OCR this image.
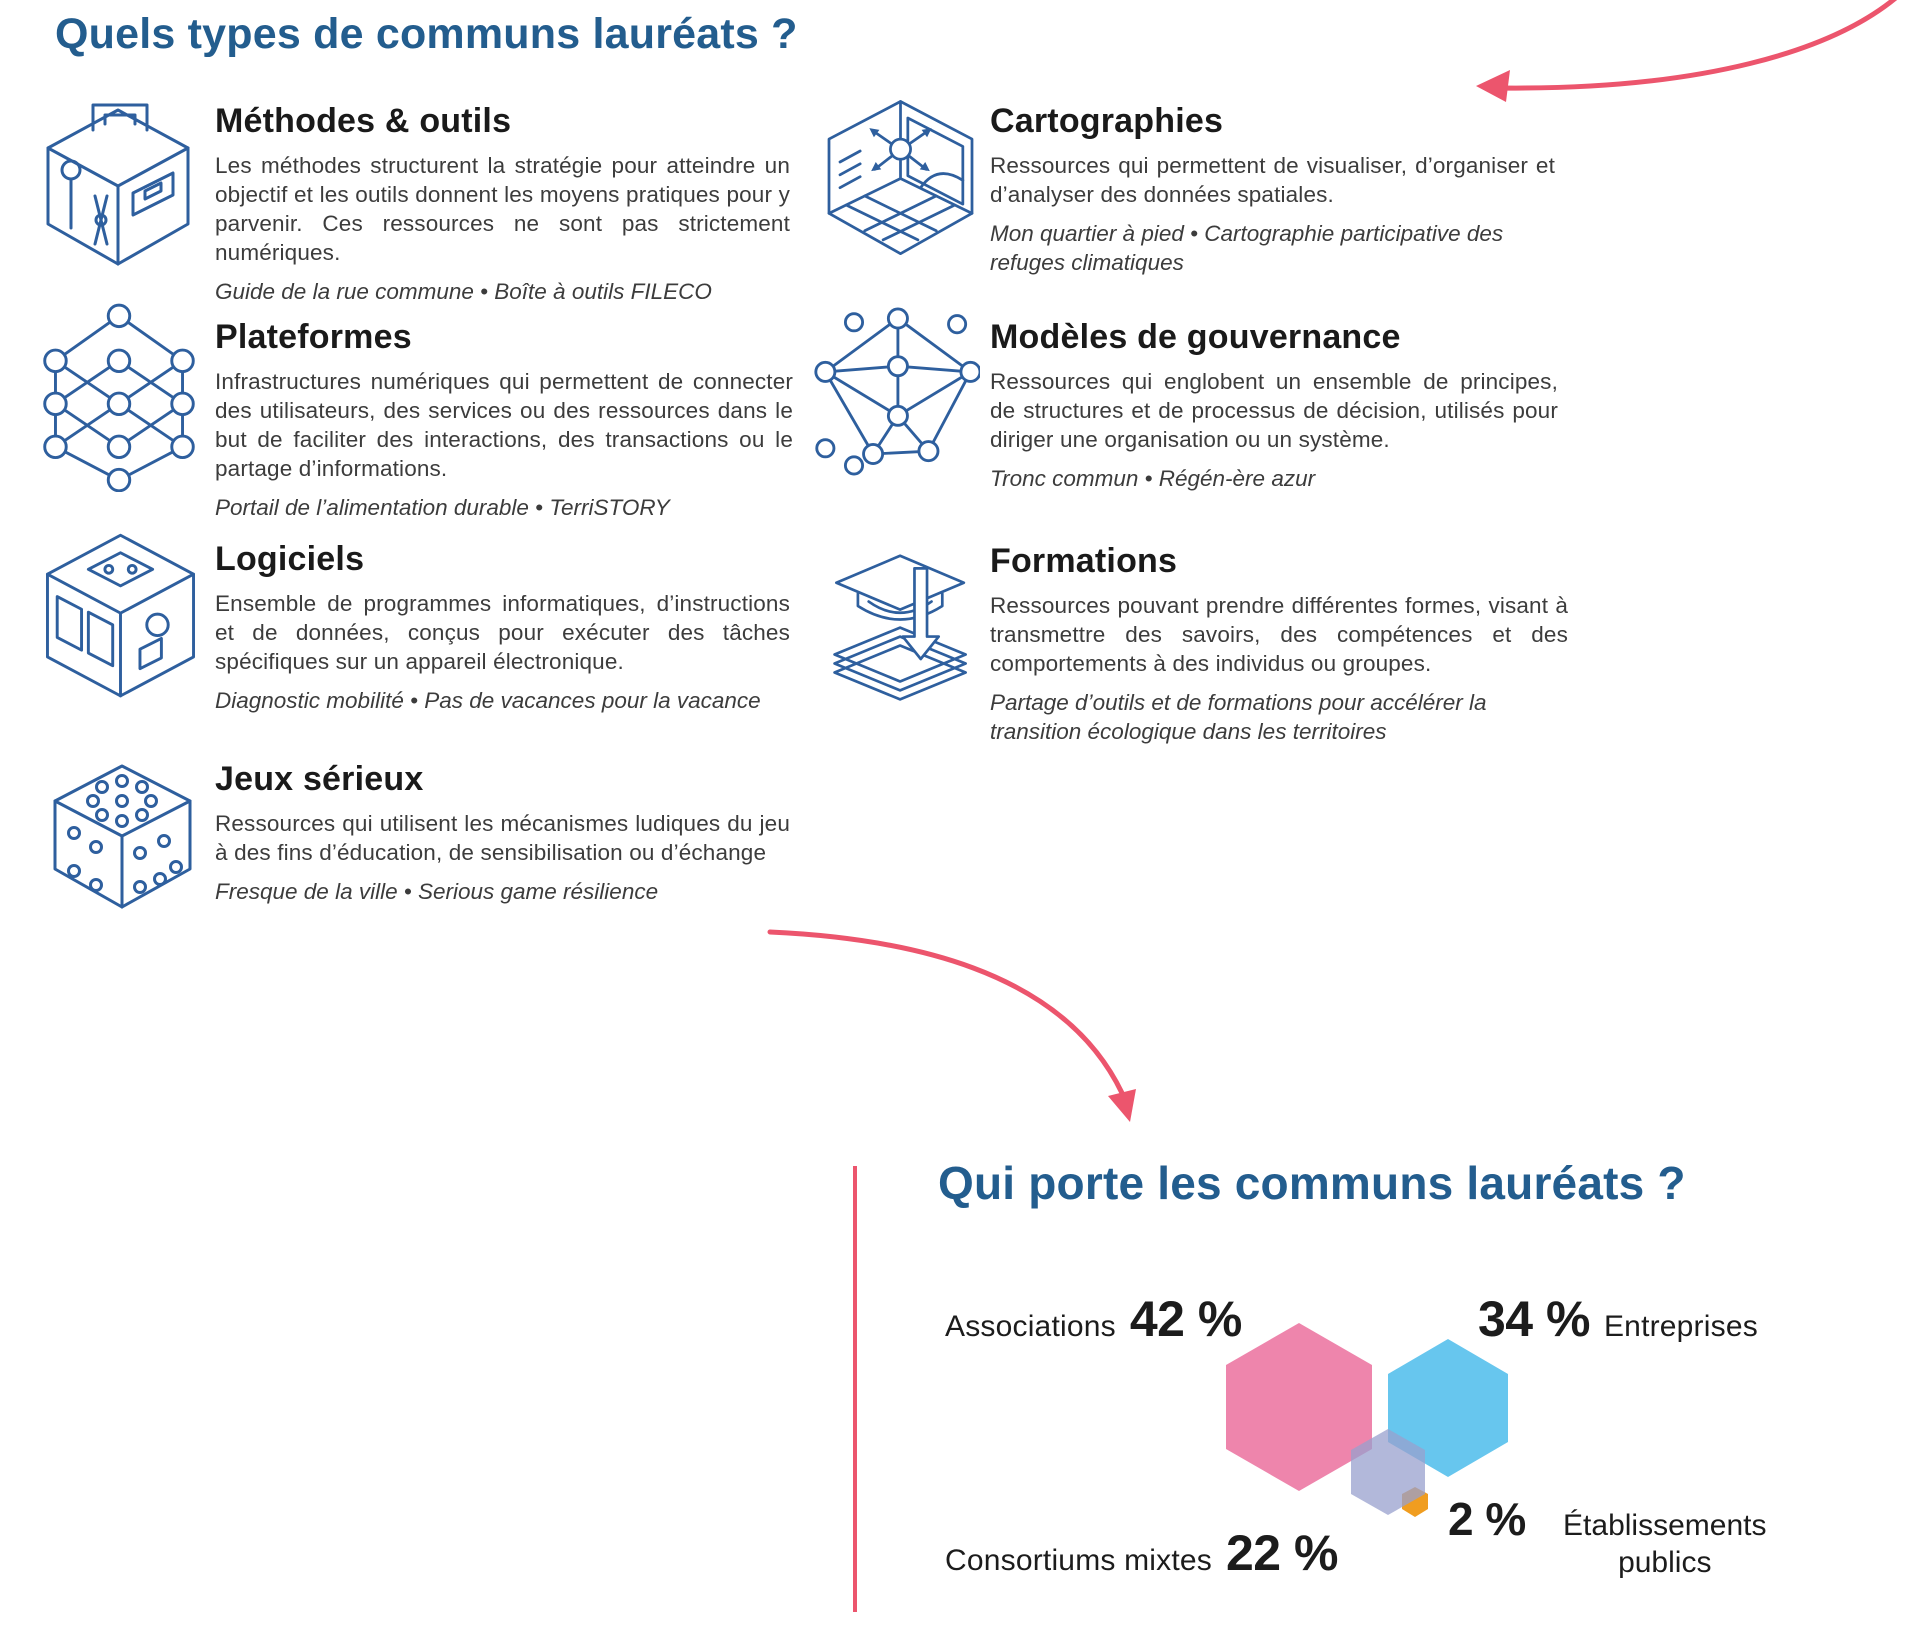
Quels types de communs lauréats ?
Méthodes & outils

Les méthodes structurent la stratégie pour atteindre un objectif et les outils donnent les moyens pratiques pour y parvenir. Ces ressources ne sont pas strictement numériques.

Guide de la rue commune • Boîte à outils FILECO

Cartographies

Ressources qui permettent de visualiser, d’organiser et d’analyser des données spatiales.

Mon quartier à pied • Cartographie participative des refuges climatiques

Plateformes

Infrastructures numériques qui permettent de connecter des utilisateurs, des services ou des ressources dans le but de faciliter des interactions, des transactions ou le partage d’informations.

Portail de l’alimentation durable • TerriSTORY

Modèles de gouvernance

Ressources qui englobent un ensemble de principes, de structures et de processus de décision, utilisés pour diriger une organisation ou un système.

Tronc commun • Régén-ère azur

Logiciels

Ensemble de programmes informatiques, d’instructions et de données, conçus pour exécuter des tâches spécifiques sur un appareil électronique.

Diagnostic mobilité • Pas de vacances pour la vacance

Formations

Ressources pouvant prendre différentes formes, visant à transmettre des savoirs, des compétences et des comportements à des individus ou groupes.

Partage d’outils et de formations pour accélérer la transition écologique dans les territoires

Jeux sérieux

Ressources qui utilisent les mécanismes ludiques du jeu à des fins d’éducation, de sensibilisation ou d’échange

Fresque de la ville • Serious game résilience

Qui porte les communs lauréats ?
Associations 42 %	34 % Entreprises
Consortiums mixtes 22 %
2 %	Établissements publics
